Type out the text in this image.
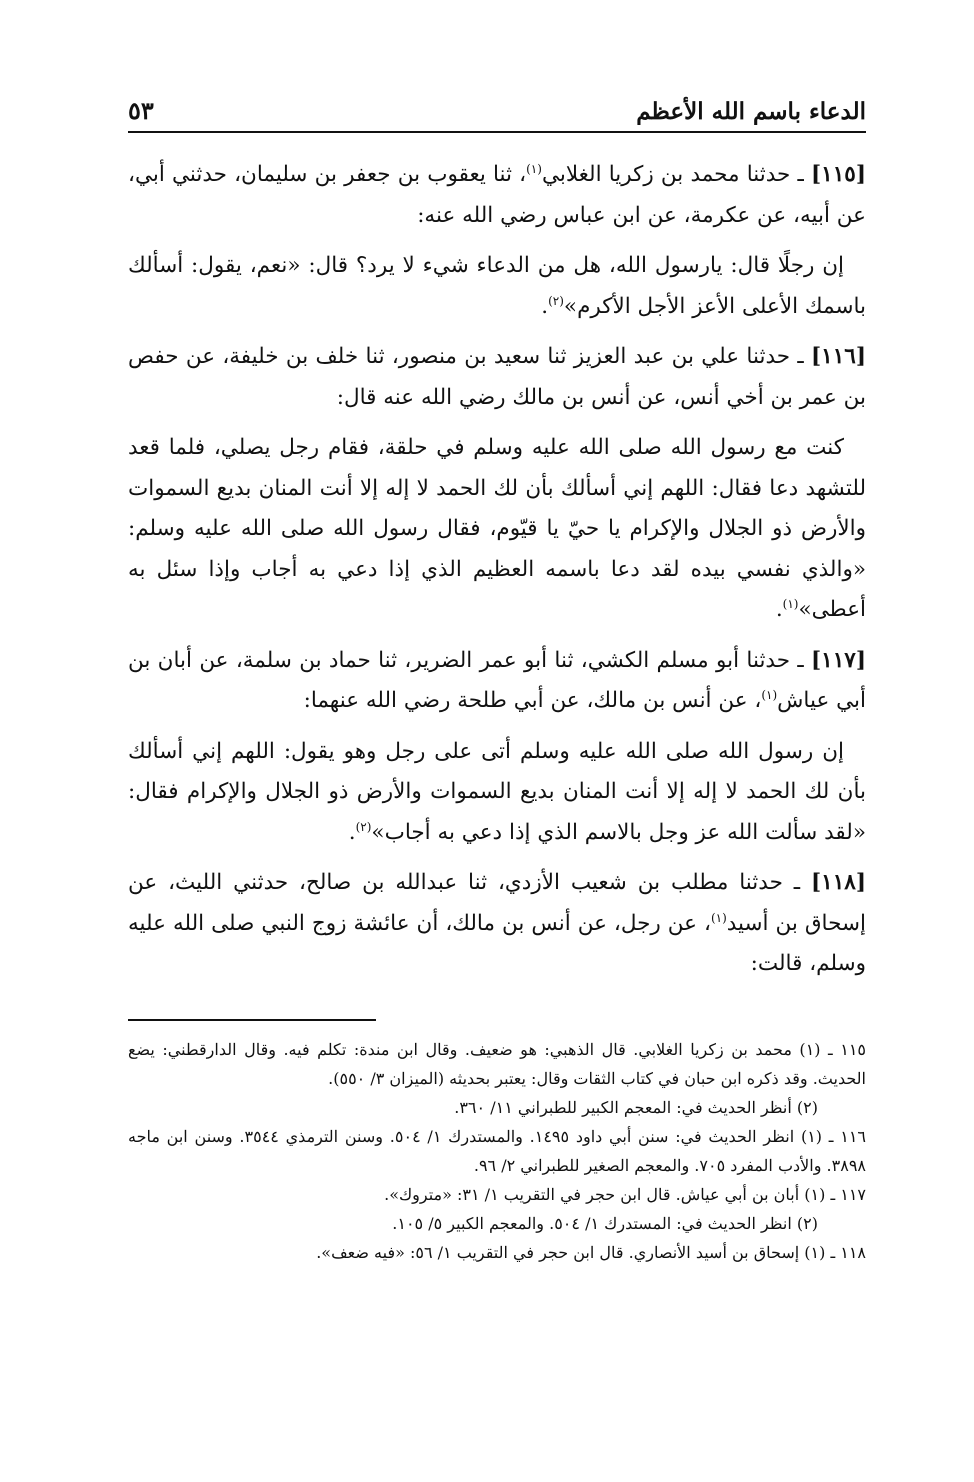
الدعاء باسم الله الأعظم
٥٣

[١١٥] ـ حدثنا محمد بن زكريا الغلابي$^{(١)}$، ثنا يعقوب بن جعفر بن سليمان، حدثني أبي، عن أبيه، عن عكرمة، عن ابن عباس رضي الله عنه:

إن رجلًا قال: يارسول الله، هل من الدعاء شيء لا يرد؟ قال: «نعم، يقول: أسألك باسمك الأعلى الأعز الأجل الأكرم»$^{(٢)}$.

[١١٦] ـ حدثنا علي بن عبد العزيز ثنا سعيد بن منصور، ثنا خلف بن خليفة، عن حفص بن عمر بن أخي أنس، عن أنس بن مالك رضي الله عنه قال:

كنت مع رسول الله صلى الله عليه وسلم في حلقة، فقام رجل يصلي، فلما قعد للتشهد دعا فقال: اللهم إني أسألك بأن لك الحمد لا إله إلا أنت المنان بديع السموات والأرض ذو الجلال والإكرام يا حيّ يا قيّوم، فقال رسول الله صلى الله عليه وسلم: «والذي نفسي بيده لقد دعا باسمه العظيم الذي إذا دعي به أجاب وإذا سئل به أعطى»$^{(١)}$.

[١١٧] ـ حدثنا أبو مسلم الكشي، ثنا أبو عمر الضرير، ثنا حماد بن سلمة، عن أبان بن أبي عياش$^{(١)}$، عن أنس بن مالك، عن أبي طلحة رضي الله عنهما:

إن رسول الله صلى الله عليه وسلم أتى على رجل وهو يقول: اللهم إني أسألك بأن لك الحمد لا إله إلا أنت المنان بديع السموات والأرض ذو الجلال والإكرام فقال: «لقد سألت الله عز وجل بالاسم الذي إذا دعي به أجاب»$^{(٢)}$.

[١١٨] ـ حدثنا مطلب بن شعيب الأزدي، ثنا عبدالله بن صالح، حدثني الليث، عن إسحاق بن أسيد$^{(١)}$، عن رجل، عن أنس بن مالك، أن عائشة زوج النبي صلى الله عليه وسلم، قالت:

١١٥ ـ (١) محمد بن زكريا الغلابي. قال الذهبي: هو ضعيف. وقال ابن مندة: تكلم فيه. وقال الدارقطني: يضع الحديث. وقد ذكره ابن حبان في كتاب الثقات وقال: يعتبر بحديثه (الميزان ٣/ ٥٥٠).

(٢) أنظر الحديث في: المعجم الكبير للطبراني ١١/ ٣٦٠.

١١٦ ـ (١) انظر الحديث في: سنن أبي داود ١٤٩٥. والمستدرك ١/ ٥٠٤. وسنن الترمذي ٣٥٤٤. وسنن ابن ماجه ٣٨٩٨. والأدب المفرد ٧٠٥. والمعجم الصغير للطبراني ٢/ ٩٦.

١١٧ ـ (١) أبان بن أبي عياش. قال ابن حجر في التقريب ١/ ٣١: «متروك».

(٢) انظر الحديث في: المستدرك ١/ ٥٠٤. والمعجم الكبير ٥/ ١٠٥.

١١٨ ـ (١) إسحاق بن أسيد الأنصاري. قال ابن حجر في التقريب ١/ ٥٦: «فيه ضعف».
